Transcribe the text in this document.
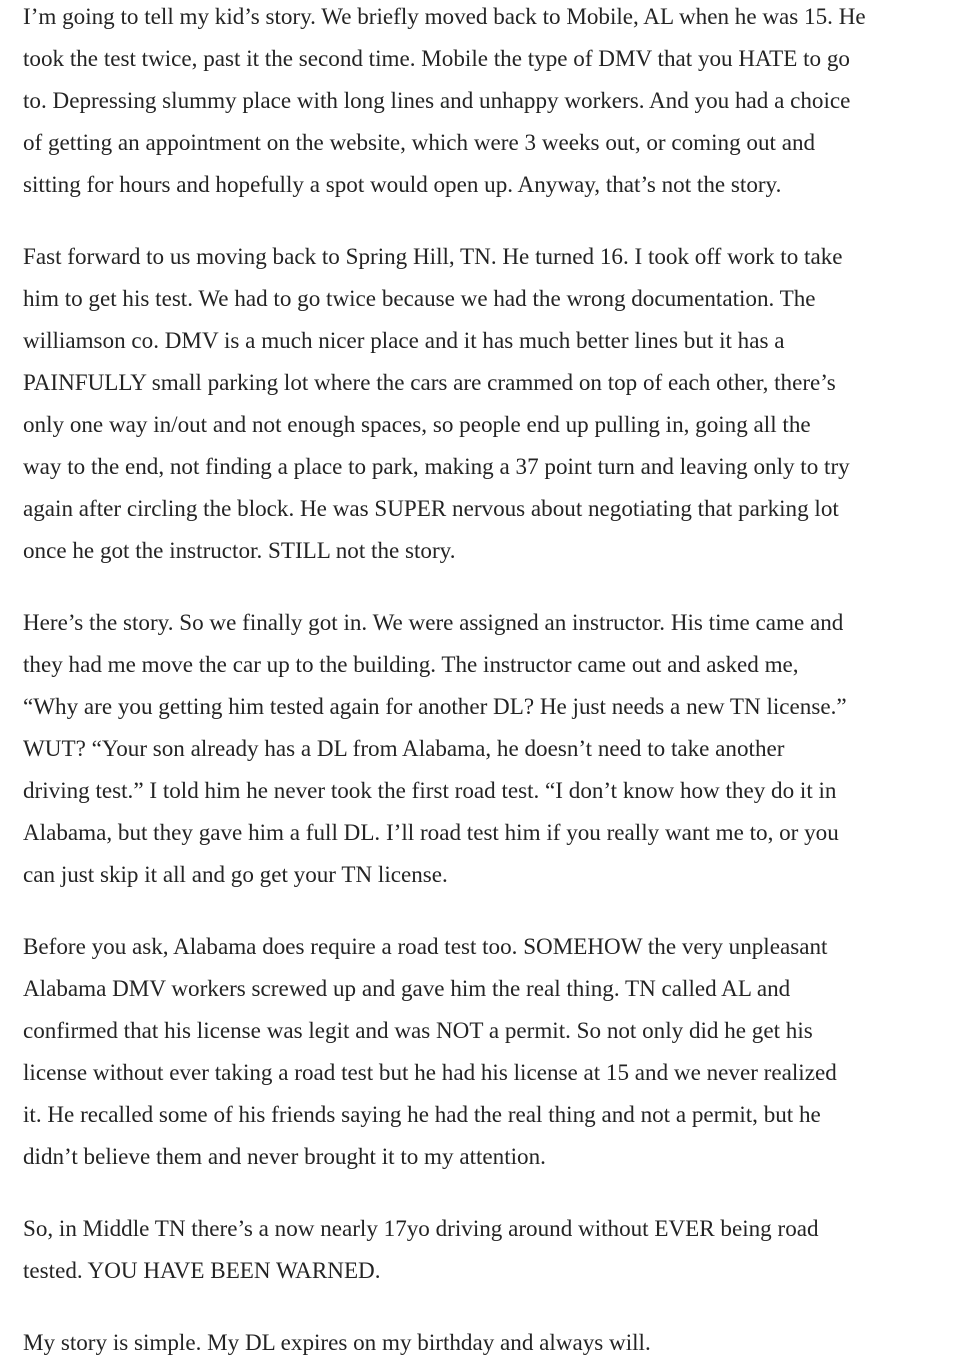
I’m going to tell my kid’s story. We briefly moved back to Mobile, AL when he was 15. He
took the test twice, past it the second time. Mobile the type of DMV that you HATE to go
to. Depressing slummy place with long lines and unhappy workers. And you had a choice
of getting an appointment on the website, which were 3 weeks out, or coming out and
sitting for hours and hopefully a spot would open up. Anyway, that’s not the story.

Fast forward to us moving back to Spring Hill, TN. He turned 16. I took off work to take
him to get his test. We had to go twice because we had the wrong documentation. The
williamson co. DMV is a much nicer place and it has much better lines but it has a
PAINFULLY small parking lot where the cars are crammed on top of each other, there’s
only one way in/out and not enough spaces, so people end up pulling in, going all the
way to the end, not finding a place to park, making a 37 point turn and leaving only to try
again after circling the block. He was SUPER nervous about negotiating that parking lot
once he got the instructor. STILL not the story.

Here’s the story. So we finally got in. We were assigned an instructor. His time came and
they had me move the car up to the building. The instructor came out and asked me,
“Why are you getting him tested again for another DL? He just needs a new TN license.”
WUT? “Your son already has a DL from Alabama, he doesn’t need to take another
driving test.” I told him he never took the first road test. “I don’t know how they do it in
Alabama, but they gave him a full DL. I’ll road test him if you really want me to, or you
can just skip it all and go get your TN license.

Before you ask, Alabama does require a road test too. SOMEHOW the very unpleasant
Alabama DMV workers screwed up and gave him the real thing. TN called AL and
confirmed that his license was legit and was NOT a permit. So not only did he get his
license without ever taking a road test but he had his license at 15 and we never realized
it. He recalled some of his friends saying he had the real thing and not a permit, but he
didn’t believe them and never brought it to my attention.

So, in Middle TN there’s a now nearly 17yo driving around without EVER being road
tested. YOU HAVE BEEN WARNED.

My story is simple. My DL expires on my birthday and always will.
